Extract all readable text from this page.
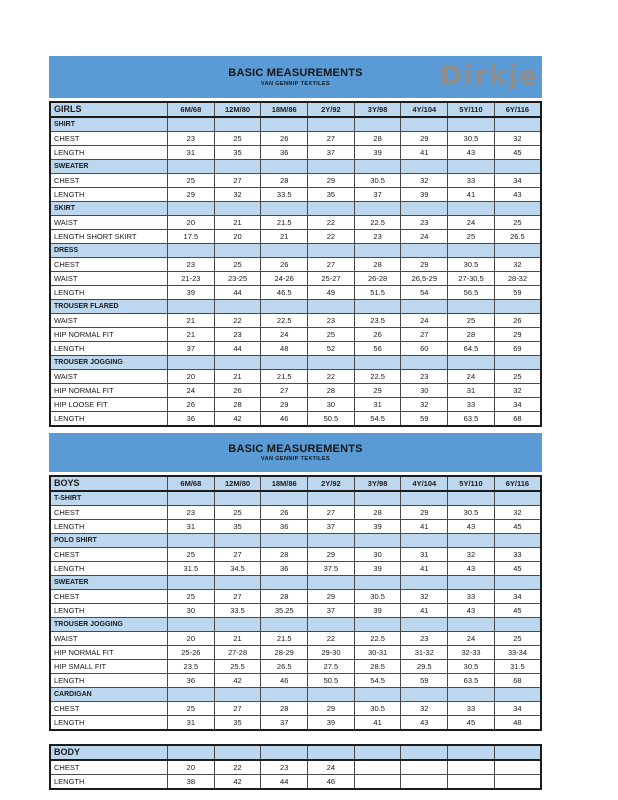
BASIC MEASUREMENTS
VAN GENNIP TEXTILES	Dirkje
GIRLS	6M/68	12M/80	18M/86	2Y/92	3Y/98	4Y/104	5Y/110	6Y/116
SHIRT								
CHEST	23	25	26	27	28	29	30.5	32
LENGTH	31	35	36	37	39	41	43	45
SWEATER								
CHEST	25	27	28	29	30.5	32	33	34
LENGTH	29	32	33.5	35	37	39	41	43
SKIRT								
WAIST	20	21	21.5	22	22.5	23	24	25
LENGTH SHORT SKIRT	17.5	20	21	22	23	24	25	26.5
DRESS								
CHEST	23	25	26	27	28	29	30.5	32
WAIST	21-23	23-25	24-26	25-27	26-28	26,5-29	27-30,5	28-32
LENGTH	39	44	46.5	49	51.5	54	56.5	59
TROUSER FLARED								
WAIST	21	22	22.5	23	23.5	24	25	26
HIP NORMAL FIT	21	23	24	25	26	27	28	29
LENGTH	37	44	48	52	56	60	64.5	69
TROUSER JOGGING								
WAIST	20	21	21.5	22	22.5	23	24	25
HIP NORMAL FIT	24	26	27	28	29	30	31	32
HIP LOOSE FIT	26	28	29	30	31	32	33	34
LENGTH	36	42	46	50.5	54.5	59	63.5	68
BASIC MEASUREMENTS
VAN GENNIP TEXTILES
BOYS	6M/68	12M/80	18M/86	2Y/92	3Y/98	4Y/104	5Y/110	6Y/116
T-SHIRT								
CHEST	23	25	26	27	28	29	30.5	32
LENGTH	31	35	36	37	39	41	43	45
POLO SHIRT								
CHEST	25	27	28	29	30	31	32	33
LENGTH	31.5	34.5	36	37.5	39	41	43	45
SWEATER								
CHEST	25	27	28	29	30.5	32	33	34
LENGTH	30	33.5	35.25	37	39	41	43	45
TROUSER JOGGING								
WAIST	20	21	21.5	22	22.5	23	24	25
HIP NORMAL FIT	25-26	27-28	28-29	29-30	30-31	31-32	32-33	33-34
HIP SMALL FIT	23.5	25.5	26.5	27.5	28.5	29.5	30.5	31.5
LENGTH	36	42	46	50.5	54.5	59	63.5	68
CARDIGAN								
CHEST	25	27	28	29	30.5	32	33	34
LENGTH	31	35	37	39	41	43	45	48
BODY								
CHEST	20	22	23	24				
LENGTH	38	42	44	46				
